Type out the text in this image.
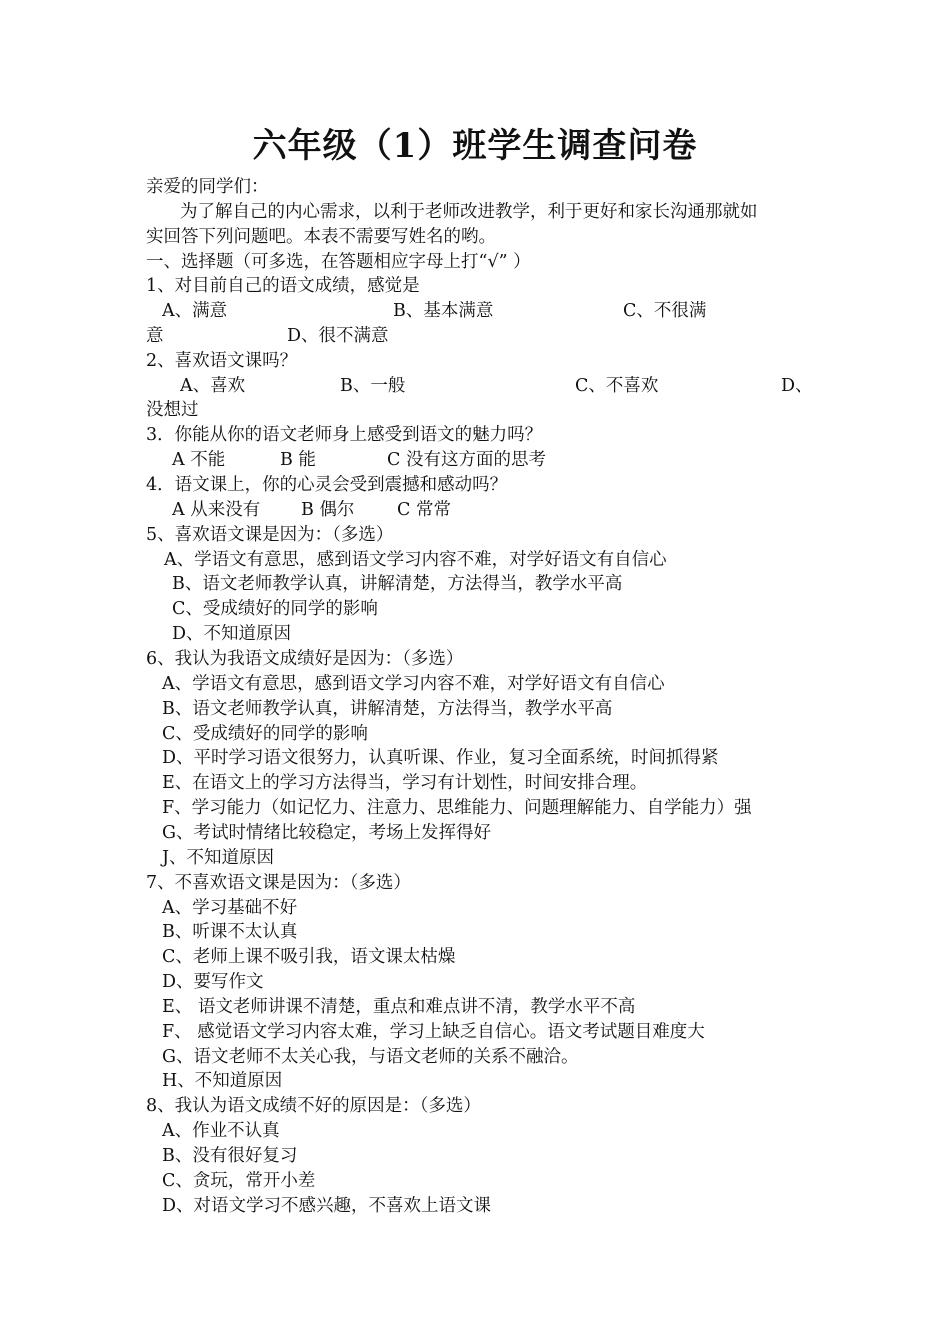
六年级（1）班学生调查问卷
亲爱的同学们：
为了解自己的内心需求，以利于老师改进教学，利于更好和家长沟通那就如
实回答下列问题吧。本表不需要写姓名的哟。
一、选择题（可多选，在答题相应字母上打“√” ）
1、对目前自己的语文成绩，感觉是
A、满意	B、基本满意	C、不很满
意	D、很不满意
2、喜欢语文课吗？
A、喜欢	B、一般	C、不喜欢	D、
没想过
3．你能从你的语文老师身上感受到语文的魅力吗？
A 不能	B 能	C 没有这方面的思考
4．语文课上，你的心灵会受到震撼和感动吗？
A 从来没有 B 偶尔 C 常常
5、喜欢语文课是因为：（多选）
A、学语文有意思，感到语文学习内容不难，对学好语文有自信心
B、语文老师教学认真，讲解清楚，方法得当，教学水平高
C、受成绩好的同学的影响
D、不知道原因
6、我认为我语文成绩好是因为：（多选）
A、学语文有意思，感到语文学习内容不难，对学好语文有自信心
B、语文老师教学认真，讲解清楚，方法得当，教学水平高
C、受成绩好的同学的影响
D、平时学习语文很努力，认真听课、作业，复习全面系统，时间抓得紧
E、在语文上的学习方法得当，学习有计划性，时间安排合理。
F、学习能力（如记忆力、注意力、思维能力、问题理解能力、自学能力）强
G、考试时情绪比较稳定，考场上发挥得好
J、不知道原因
7、不喜欢语文课是因为：（多选）
A、学习基础不好
B、听课不太认真
C、老师上课不吸引我，语文课太枯燥
D、要写作文
E、 语文老师讲课不清楚，重点和难点讲不清，教学水平不高
F、 感觉语文学习内容太难，学习上缺乏自信心。语文考试题目难度大
G、语文老师不太关心我，与语文老师的关系不融洽。
H、不知道原因
8、我认为语文成绩不好的原因是：（多选）
A、作业不认真
B、没有很好复习
C、贪玩，常开小差
D、对语文学习不感兴趣，不喜欢上语文课
